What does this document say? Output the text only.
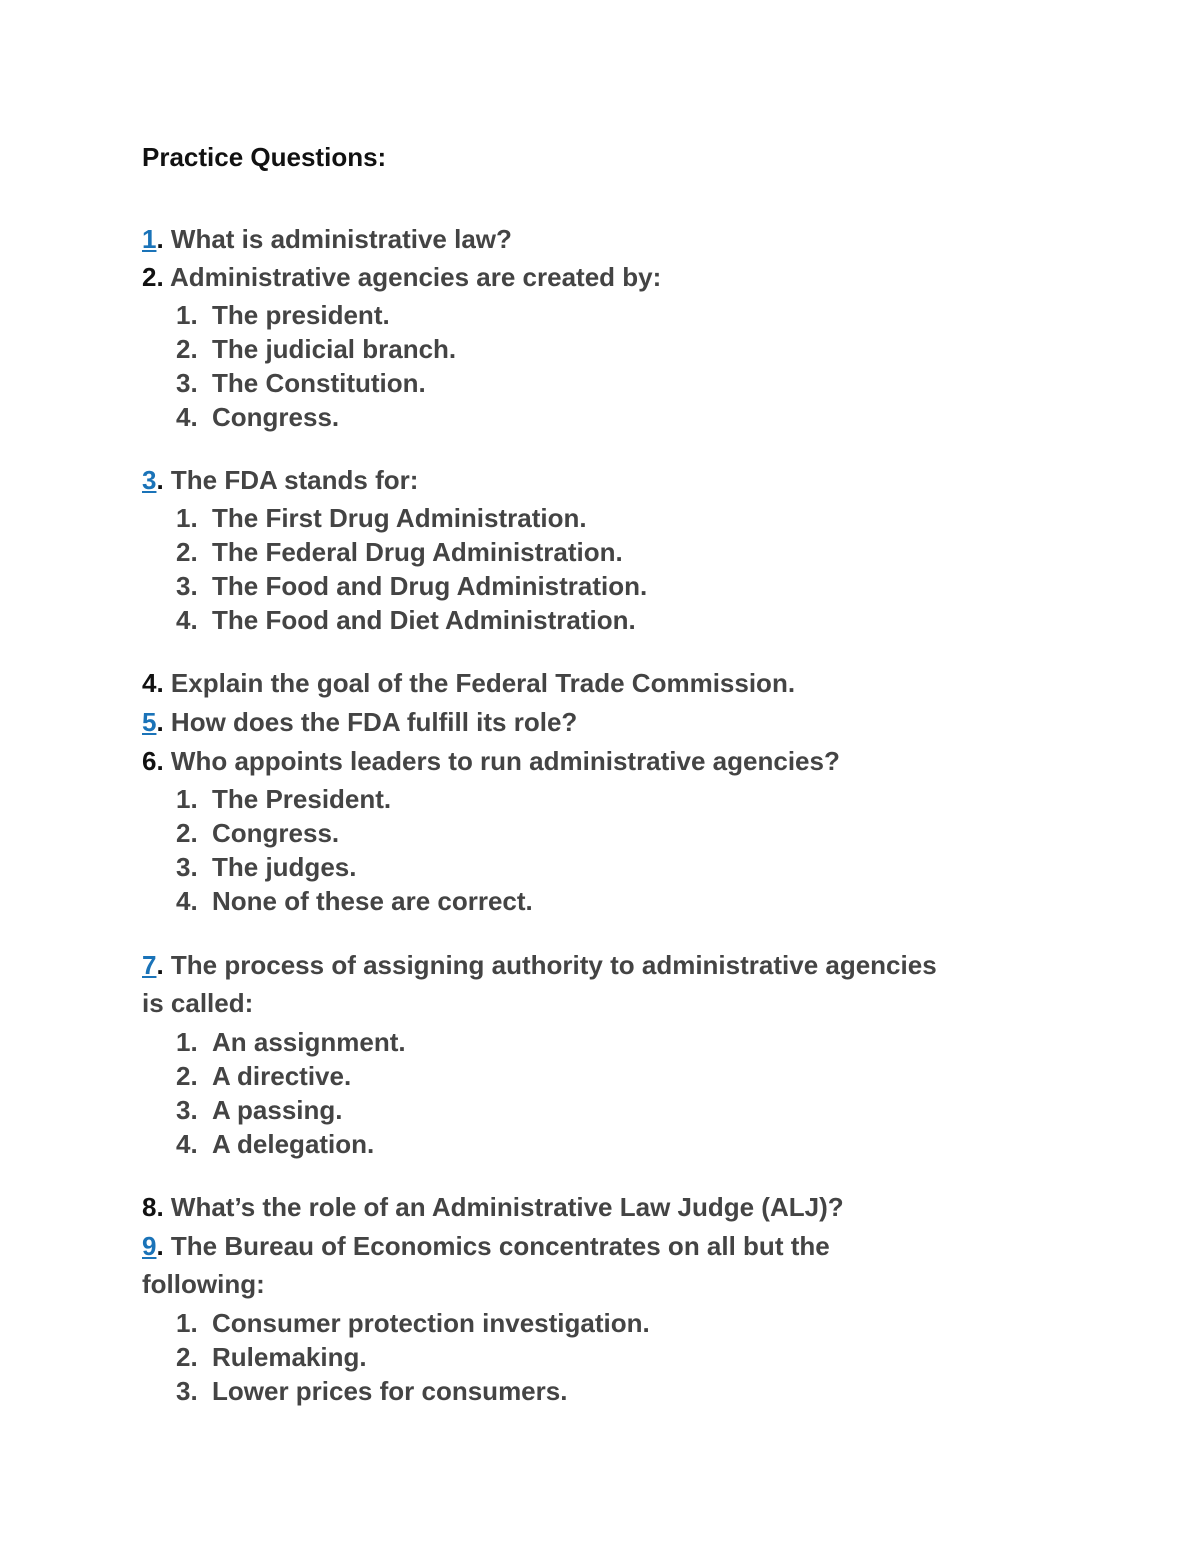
Practice Questions:
1. What is administrative law?
2. Administrative agencies are created by:
1. The president.
2. The judicial branch.
3. The Constitution.
4. Congress.
3. The FDA stands for:
1. The First Drug Administration.
2. The Federal Drug Administration.
3. The Food and Drug Administration.
4. The Food and Diet Administration.
4. Explain the goal of the Federal Trade Commission.
5. How does the FDA fulfill its role?
6. Who appoints leaders to run administrative agencies?
1. The President.
2. Congress.
3. The judges.
4. None of these are correct.
7. The process of assigning authority to administrative agencies
is called:
1. An assignment.
2. A directive.
3. A passing.
4. A delegation.
8. What’s the role of an Administrative Law Judge (ALJ)?
9. The Bureau of Economics concentrates on all but the
following:
1. Consumer protection investigation.
2. Rulemaking.
3. Lower prices for consumers.
